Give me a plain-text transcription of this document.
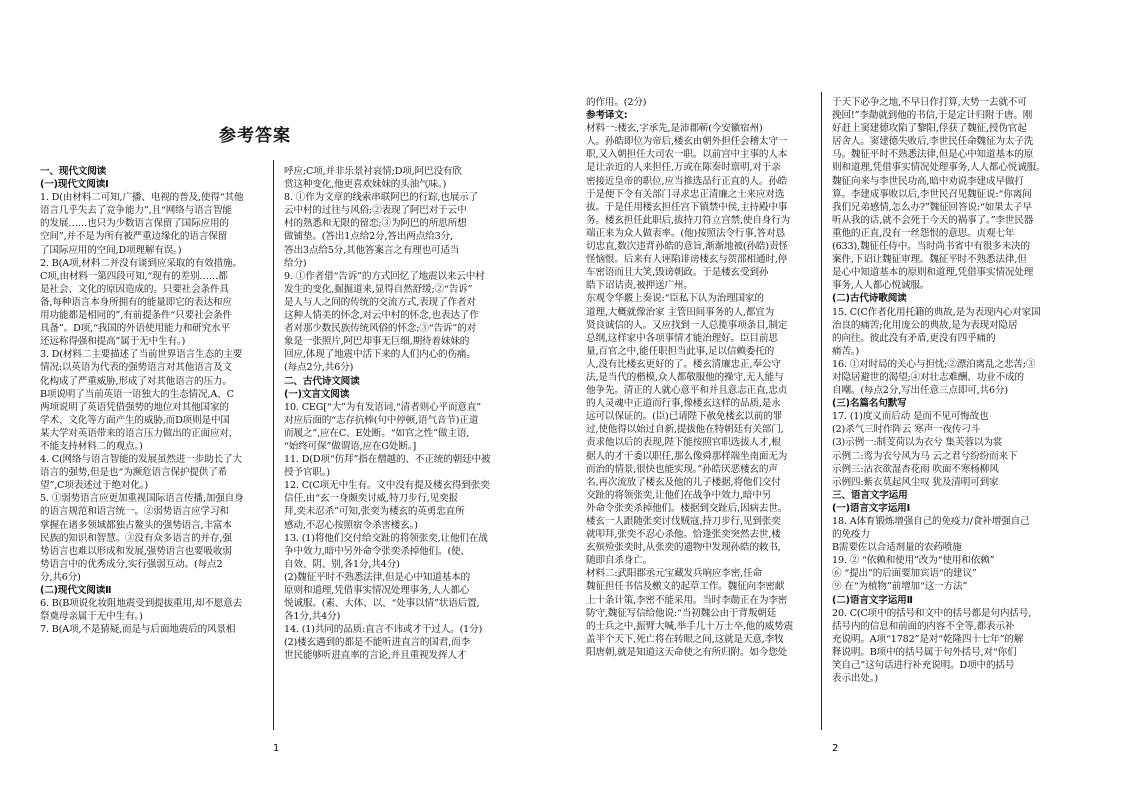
参考答案

一、现代文阅读

(一)现代文阅读Ⅰ

1. D(由材料二可知,广播、电视的普及,使得“其他

语言几乎失去了竞争能力”,且“网络与语言智能

的发展……也只为少数语言保留了国际应用的

空间”,并不是为所有被严重边缘化的语言保留

了国际应用的空间,D项理解有误。)

2. B(A项,材料二并没有谈到应采取的有效措施。

C项,由材料一第四段可知,“现有的差别……都

是社会、文化的原因造成的。只要社会条件具

备,每种语言本身所拥有的能量即它的表达和应

用功能都是相同的”,有前提条件“只要社会条件

具备”。D项,“我国的外语使用能力和研究水平

还远称得强和提高”属于无中生有。)

3. D(材料二主要描述了当前世界语言生态的主要

情况:以英语为代表的强势语言对其他语言及文

化构成了严重威胁,形成了对其他语言的压力。

B项说明了当前英语一语独大的生态情况,A、C

两项说明了英语凭借强势的地位对其他国家的

学术、文化等方面产生的威胁,而D项则是中国

某大学对英语带来的语言压力做出的正面应对,

不能支持材料二的观点。)

4. C(网络与语言智能的发展虽然进一步助长了大

语言的强势,但是也“为濒危语言保护提供了希

望”,C项表述过于绝对化。)

5. ①弱势语言应更加重视国际语言传播,加强自身

的语言规范和语言统一。②弱势语言应学习和

掌握在诸多领域都独占鳌头的强势语言,丰富本

民族的知识和智慧。③没有众多语言的并存,强

势语言也难以形成和发展,强势语言也要吸收弱

势语言中的优秀成分,实行强弱互动。(每点2

分,共6分)

(二)现代文阅读Ⅱ

6. B(B项说化妆阻地震受到提拔重用,却不愿意去

祭奠母亲属于无中生有。)

7. B(A项,不是猜疑,而是与后面地震后的风景相

呼应;C项,并非乐景衬哀情;D项,阿巴没有欣

赏这种变化,他更喜欢妹妹的头油气味。)

8. ①作为文章的线索串联阿巴的行踪,也展示了

云中村的过往与风俗;②表现了阿巴对于云中

村的熟悉和无限的留恋;③为阿巴的所思所想

做铺垫。(答出1点给2分,答出两点给3分,

答出3点给5分,其他答案言之有理也可适当

给分)

9. ①作者借“告诉”的方式回忆了地震以来云中村

发生的变化,掘掘道来,显得自然舒缓;②“告诉”

是人与人之间的传统的交流方式,表现了作者对

这种人情美的怀念,对云中村的怀念,也表达了作

者对那少数民族传统风俗的怀念;③“告诉”的对

象是一张照片,阿巴却事无巨细,期待着妹妹的

回应,体现了地震中活下来的人们内心的伤痛。

(每点2分,共6分)

二、古代诗文阅读

(一)文言文阅读

10. CEG[“大”为有发语词,“清者则心平而意直”

对应后面的“志存抗棒(句中停顿,语气音节)正道

而履之”,应在C、E处断。“如官之性”做主语,

“始终可保”做谓语,应在G处断。]

11. D(D项“仿拜”指在僧越的、不正统的朝廷中被

授予官职。)

12. C(C项无中生有。文中没有提及楼玄得到张奕

信任,由“玄一身颇奕讨威,特刀步行,见奕报

拜,奕未忍杀”可知,张奕为楼玄的英勇忠直所

感动,不忍心按照宿令杀害楼玄。)

13. (1)将他们交付给交趾的将领张奕,让他们在战

争中效力,暗中另外命令张奕杀掉他们。(使、

自效、阴、别,各1分,共4分)

(2)魏征平时不熟悉法律,但是心中知道基本的

原则和道理,凭借事实情况处理事务,人人都心

悦诚服。(素、大体、以、“处事以情”状语后置,

各1分,共4分)

14. (1)共同的品质:直言不讳或才干过人。(1分)

(2)楼玄遇到的都是不能听进直言的国君,而李

世民能够听进直率的言论,并且重视发挥人才

的作用。(2分)

参考译文:

材料一:楼玄,字承先,是沛郡蕲(今安徽宿州)

人。孙皓即位为帝后,楼玄由朝外担任会稽太守一

职,又入朝担任大司农一职。以前宫中主事的人本

是让亲近的人来担任,万或在陈奏时禀明,对于亲

密接近皇帝的职位,应当推选品行正直的人。孙皓

于是便下令有关部门寻求忠正清廉之士来应对选

拔。于是任用楼玄担任宫下镇禁中侯,主持殿中事

务。楼玄担任此职后,拔持刀符立宫禁,使自身行为

端正来为众人做表率。(他)按照法令行事,答对恳

切忠直,数次违背孙皓的意旨,渐渐地被(孙皓)责怪

怪恼恨。后来有人诬陷诽谤楼玄与贺邵相通时,停

车密语而且大笑,毁谤朝政。于是楼玄受到孙

皓下诏诘责,被押送广州。

东观令华覈上奏说:“臣私下认为治理国家的

道理,大概就像治家 主管田间事务的人,都宜为

贤良诚信的人。又应找到一人总揽事项条目,制定

总纲,这样家中各项事情才能治理好。臣目前思

量,百官之中,能任职担当此事,足以信赖委托的

人,没有比楼玄更好的了。楼玄清廉忠正,奉公守

法,是当代的楷模,众人都敬服他的操守,无人能与

他争先。清正的人就心意平和并且意志正直,忠贞

的人灵魂中正道而行事,像楼玄这样的品质,是永

远可以保证的。(臣)已请陛下赦免楼玄以前的罪

过,使他得以始过自新,提拔他在特朝廷有关部门,

责求他以后的表现,陛下能按照官职选拔人才,根

据人的才干委以职任,那么像舜那样端坐南面无为

而治的情景,很快也能实现。”孙皓厌恶楼玄的声

名,再次流放了楼玄及他的儿子楼据,将他们交付

交趾的将领张奕,让他们在战争中效力,暗中另

外命令张奕杀掉他们。楼据到交趾后,因病去世。

楼玄一人跟随张奕讨伐贼寇,持刀步行,见到张奕

就叩拜,张奕不忍心杀他。恰逢张奕突然去世,楼

玄殡殓张奕时,从张奕的遗物中发现孙皓的敕书,

随即自杀身亡。

材料二:武阳郡丞元宝藏发兵响应李密,任命

魏征担任书信及檄文的起草工作。魏征向李密献

上十条计策,李密不能采用。当时李勣正在为李密

防守,魏征写信给他说:“当初魏公由于背叛朝廷

的士兵之中,振臂大喊,举手几十万士卒,他的威势震

盖半个天下,死亡将在转眼之间,这就是天意,李牧

阳唐朝,就是知道这天命使之有所归附。如今您处

于天下必争之地,不早日作打算,大势一去就不可

挽回!”李勣就到他的书信,于是定计归附于唐。刚

好赶上窦建德攻陷了黎阳,俘获了魏征,授伪官起

居舍人。窦建德失败后,李世民任命魏征为太子洗

马。魏征平时不熟悉法律,但是心中知道基本的原

则和道理,凭借事实情况处理事务,人人都心悦诚服。

魏征向来与李世民功高,暗中劝说李建成早做打

算。李建成事败以后,李世民召见魏征说:“你离间

我们兄弟感情,怎么办?”魏征回答说:“如果太子早

听从我的话,就不会死于今天的祸事了。”李世民器

重他的正直,没有一丝怨恨的意思。贞观七年

(633),魏征任侍中。当时尚书省中有很多未决的

案件,下诏让魏征审理。魏征平时不熟悉法律,但

是心中知道基本的原则和道理,凭借事实情况处理

事务,人人都心悦诚服。

(二)古代诗歌阅读

15. C(C作者化用托籍的典故,是为表现内心对家国

治良的痛苦;化用庞公的典故,是为表现对隐居

的向往。彼此没有矛盾,更没有四乎痛的

痛苦。)

16. ①对时局的关心与担忧;②漂泊离乱之悲苦;③

对隐居避世的渴望;④对壮志难酬、功业不成的

自嘲。(每点2分,写出任意三点即可,共6分)

(三)名篇名句默写

17. (1)度义而后动 是而不见可悔故也

(2)杀气三时作阵云 寒声一夜传刁斗

(3)示例一:制芰荷以为衣兮 集芙蓉以为裳

示例二:鸾为衣兮风为马 云之君兮纷纷而来下

示例三:沾衣欲湿杏花雨 吹面不寒杨柳风

示例四:紫衣莫起风尘叹 犹及清明可到家

三、语言文字运用

(一)语言文字运用Ⅰ

18. A体育锻炼增强自己的免疫力/食补增强自己

的免疫力

B需要佐以合适剂量的农药喷施

19. ② “依赖和使用”改为“使用和依赖”

⑥ “提出”的后面要加宾语“的建议”

⑨ 在“为植物”前增加“这一方法”

(二)语言文字运用Ⅱ

20. C(C项中的括号和文中的括号都是句内括号,

括号内的信息和前面的内容不全等,都表示补

充说明。A项“1782”是对“乾隆四十七年”的解

释说明。B项中的括号属于句外括号,对“你们

笑自己”这句话进行补充说明。D项中的括号

表示出处。)

1	2
